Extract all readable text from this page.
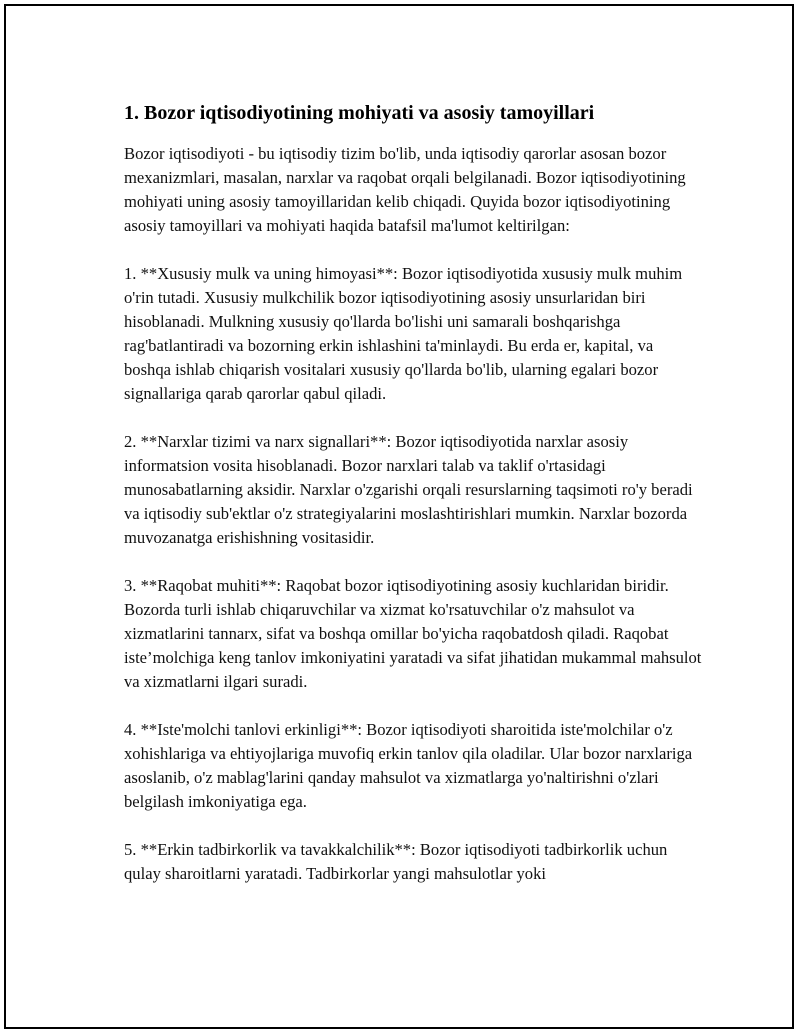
1. Bozor iqtisodiyotining mohiyati va asosiy tamoyillari

Bozor iqtisodiyoti - bu iqtisodiy tizim bo'lib, unda iqtisodiy qarorlar asosan bozor mexanizmlari, masalan, narxlar va raqobat orqali belgilanadi. Bozor iqtisodiyotining mohiyati uning asosiy tamoyillaridan kelib chiqadi. Quyida bozor iqtisodiyotining asosiy tamoyillari va mohiyati haqida batafsil ma'lumot keltirilgan:

1. **Xususiy mulk va uning himoyasi**: Bozor iqtisodiyotida xususiy mulk muhim o'rin tutadi. Xususiy mulkchilik bozor iqtisodiyotining asosiy unsurlaridan biri hisoblanadi. Mulkning xususiy qo'llarda bo'lishi uni samarali boshqarishga rag'batlantiradi va bozorning erkin ishlashini ta'minlaydi. Bu erda er, kapital, va boshqa ishlab chiqarish vositalari xususiy qo'llarda bo'lib, ularning egalari bozor signallariga qarab qarorlar qabul qiladi.

2. **Narxlar tizimi va narx signallari**: Bozor iqtisodiyotida narxlar asosiy informatsion vosita hisoblanadi. Bozor narxlari talab va taklif o'rtasidagi munosabatlarning aksidir. Narxlar o'zgarishi orqali resurslarning taqsimoti ro'y beradi va iqtisodiy sub'ektlar o'z strategiyalarini moslashtirishlari mumkin. Narxlar bozorda muvozanatga erishishning vositasidir.

3. **Raqobat muhiti**: Raqobat bozor iqtisodiyotining asosiy kuchlaridan biridir. Bozorda turli ishlab chiqaruvchilar va xizmat ko'rsatuvchilar o'z mahsulot va xizmatlarini tannarx, sifat va boshqa omillar bo'yicha raqobatdosh qiladi. Raqobat iste’molchiga keng tanlov imkoniyatini yaratadi va sifat jihatidan mukammal mahsulot va xizmatlarni ilgari suradi.

4. **Iste'molchi tanlovi erkinligi**: Bozor iqtisodiyoti sharoitida iste'molchilar o'z xohishlariga va ehtiyojlariga muvofiq erkin tanlov qila oladilar. Ular bozor narxlariga asoslanib, o'z mablag'larini qanday mahsulot va xizmatlarga yo'naltirishni o'zlari belgilash imkoniyatiga ega.

5. **Erkin tadbirkorlik va tavakkalchilik**: Bozor iqtisodiyoti tadbirkorlik uchun qulay sharoitlarni yaratadi. Tadbirkorlar yangi mahsulotlar yoki
